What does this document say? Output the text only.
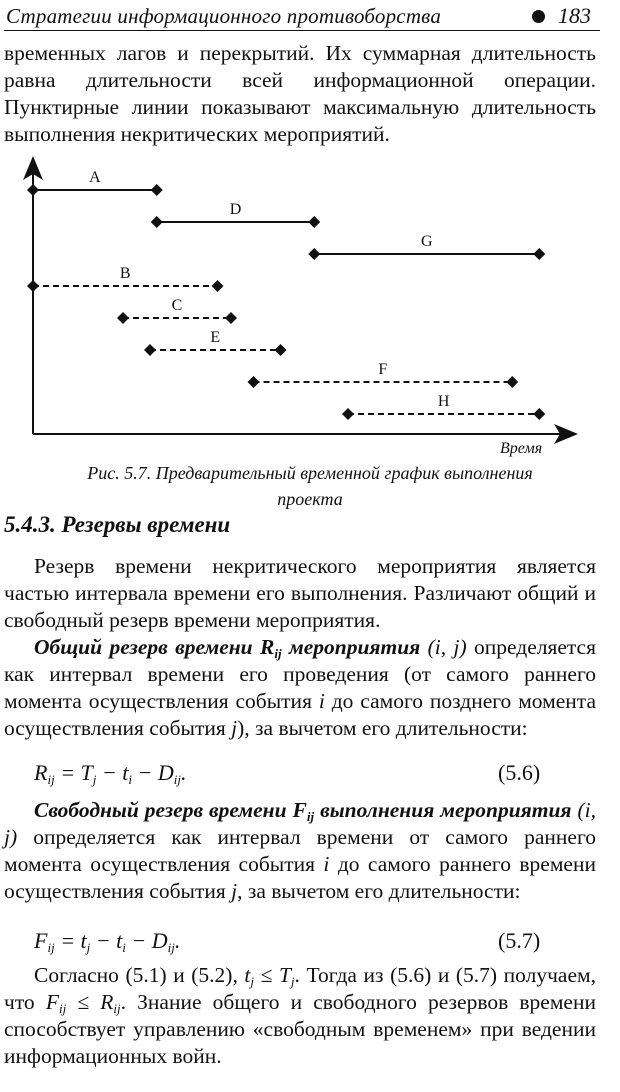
Стратегии информационного противоборства	183
временных лагов и перекрытий. Их суммарная длительность равна длительности всей информационной операции. Пунктирные линии показывают максимальную длительность выполнения некритических мероприятий.
A
D
G
B
C
E
F
H
Время
Рис. 5.7. Предварительный временной график выполнения
проекта
5.4.3. Резервы времени
Резерв времени некритического мероприятия является частью интервала времени его выполнения. Различают общий и свободный резерв времени мероприятия.
Общий резерв времени $R_{ij}$ мероприятия (i, j) определяется как интервал времени его проведения (от самого раннего момента осуществления события i до самого позднего момента осуществления события j), за вычетом его длительности:
$R_{ij} = T_j - t_i - D_{ij}$.	(5.6)
Свободный резерв времени $F_{ij}$ выполнения мероприятия (i, j) определяется как интервал времени от самого раннего момента осуществления события i до самого раннего времени осуществления события j, за вычетом его длительности:
$F_{ij} = t_j - t_i - D_{ij}$.	(5.7)
Согласно (5.1) и (5.2), $t_j \le T_j$. Тогда из (5.6) и (5.7) получаем, что $F_{ij} \le R_{ij}$. Знание общего и свободного резервов времени способствует управлению «свободным временем» при ведении информационных войн.
